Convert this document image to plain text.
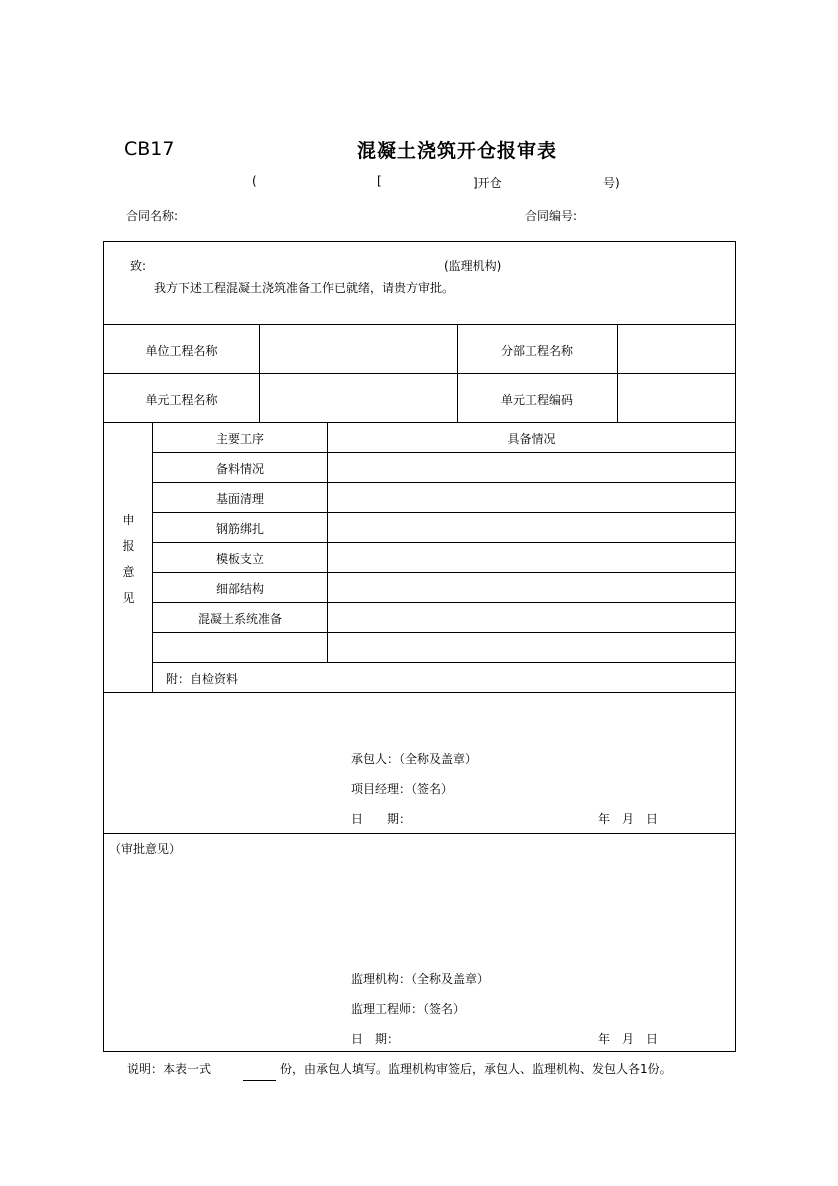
CB17	混凝土浇筑开仓报审表
(	[	]开仓	号)
合同名称:	合同编号:
致:	(监理机构)
我方下述工程混凝土浇筑准备工作已就绪，请贵方审批。
单位工程名称	分部工程名称
单元工程名称	单元工程编码
申
报
意
见
主要工序	具备情况
备料情况
基面清理
钢筋绑扎
模板支立
细部结构
混凝土系统准备
附：自检资料
承包人：（全称及盖章）
项目经理：（签名）
日　　期：	年　月　日
（审批意见）
监理机构：（全称及盖章）
监理工程师：（签名）
日　期：	年　月　日
说明：本表一式	份，由承包人填写。监理机构审签后，承包人、监理机构、发包人各1份。
